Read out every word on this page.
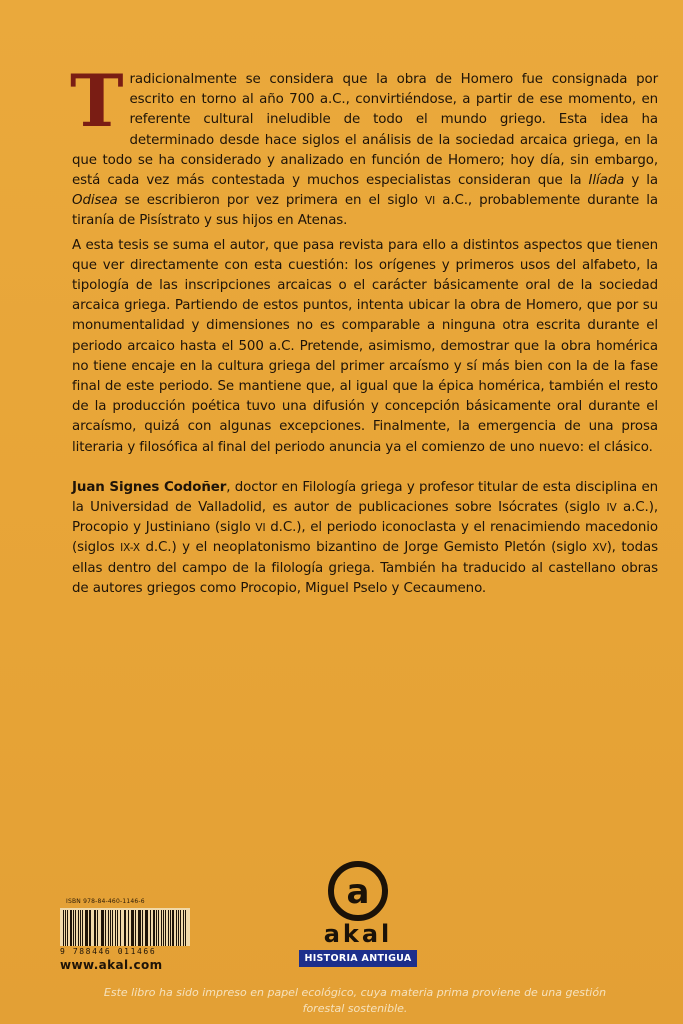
Tradicionalmente se considera que la obra de Homero fue consignada por escrito en torno al año 700 a.C., convirtiéndose, a partir de ese momento, en referente cultural ineludible de todo el mundo griego. Esta idea ha determinado desde hace siglos el análisis de la sociedad arcaica griega, en la que todo se ha considerado y analizado en función de Homero; hoy día, sin embargo, está cada vez más contestada y muchos especialistas consideran que la Ilíada y la Odisea se escribieron por vez primera en el siglo VI a.C., probablemente durante la tiranía de Pisístrato y sus hijos en Atenas.

A esta tesis se suma el autor, que pasa revista para ello a distintos aspectos que tienen que ver directamente con esta cuestión: los orígenes y primeros usos del alfabeto, la tipología de las inscripciones arcaicas o el carácter básicamente oral de la sociedad arcaica griega. Partiendo de estos puntos, intenta ubicar la obra de Homero, que por su monumentalidad y dimensiones no es comparable a ninguna otra escrita durante el periodo arcaico hasta el 500 a.C. Pretende, asimismo, demostrar que la obra homérica no tiene encaje en la cultura griega del primer arcaísmo y sí más bien con la de la fase final de este periodo. Se mantiene que, al igual que la épica homérica, también el resto de la producción poética tuvo una difusión y concepción básicamente oral durante el arcaísmo, quizá con algunas excepciones. Finalmente, la emergencia de una prosa literaria y filosófica al final del periodo anuncia ya el comienzo de uno nuevo: el clásico.

Juan Signes Codoñer, doctor en Filología griega y profesor titular de esta disciplina en la Universidad de Valladolid, es autor de publicaciones sobre Isócrates (siglo IV a.C.), Procopio y Justiniano (siglo VI d.C.), el periodo iconoclasta y el renacimiendo macedonio (siglos IX-X d.C.) y el neoplatonismo bizantino de Jorge Gemisto Pletón (siglo XV), todas ellas dentro del campo de la filología griega. También ha traducido al castellano obras de autores griegos como Procopio, Miguel Pselo y Cecaumeno.

ISBN 978-84-460-1146-6
9 788446 011466
www.akal.com
a
akal
HISTORIA ANTIGUA
Este libro ha sido impreso en papel ecológico, cuya materia prima proviene de una gestión forestal sostenible.
